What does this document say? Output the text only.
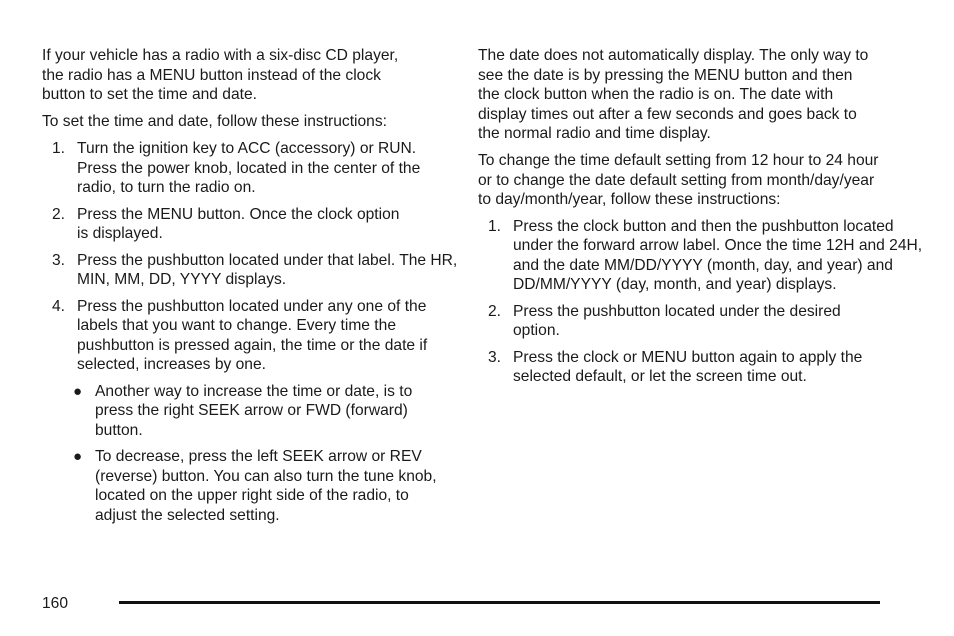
If your vehicle has a radio with a six-disc CD player, the radio has a MENU button instead of the clock button to set the time and date.

To set the time and date, follow these instructions:

1. Turn the ignition key to ACC (accessory) or RUN. Press the power knob, located in the center of the radio, to turn the radio on.

2. Press the MENU button. Once the clock option is displayed.

3. Press the pushbutton located under that label. The HR, MIN, MM, DD, YYYY displays.

4. Press the pushbutton located under any one of the labels that you want to change. Every time the pushbutton is pressed again, the time or the date if selected, increases by one.

● Another way to increase the time or date, is to press the right SEEK arrow or FWD (forward) button.

● To decrease, press the left SEEK arrow or REV (reverse) button. You can also turn the tune knob, located on the upper right side of the radio, to adjust the selected setting.

The date does not automatically display. The only way to see the date is by pressing the MENU button and then the clock button when the radio is on. The date with display times out after a few seconds and goes back to the normal radio and time display.

To change the time default setting from 12 hour to 24 hour or to change the date default setting from month/day/year to day/month/year, follow these instructions:

1. Press the clock button and then the pushbutton located under the forward arrow label. Once the time 12H and 24H, and the date MM/DD/YYYY (month, day, and year) and DD/MM/YYYY (day, month, and year) displays.

2. Press the pushbutton located under the desired option.

3. Press the clock or MENU button again to apply the selected default, or let the screen time out.

160
